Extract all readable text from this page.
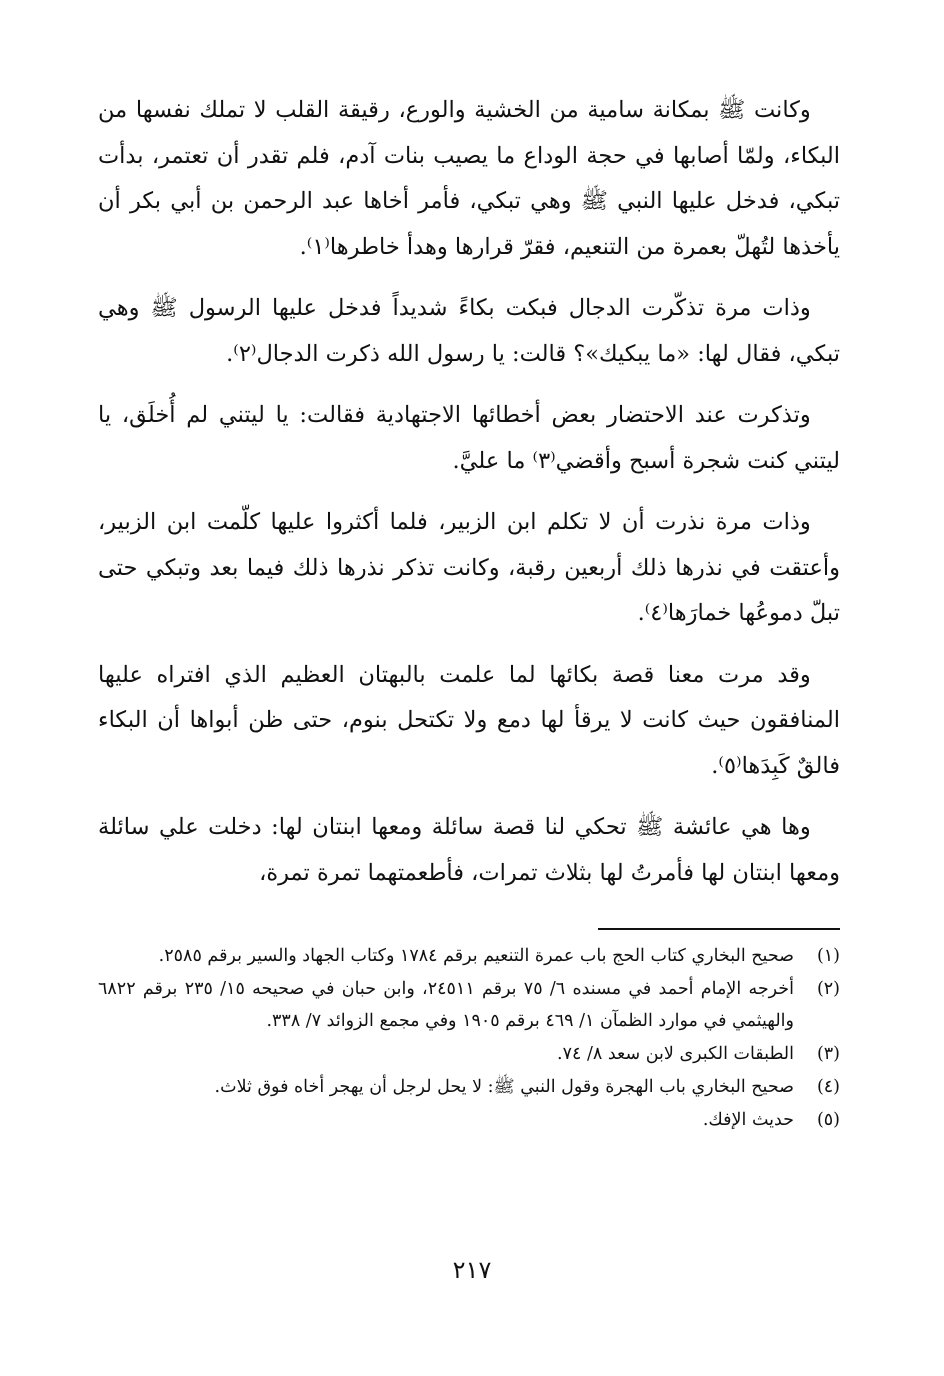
وكانت ﷺ بمكانة سامية من الخشية والورع، رقيقة القلب لا تملك نفسها من البكاء، ولمّا أصابها في حجة الوداع ما يصيب بنات آدم، فلم تقدر أن تعتمر، بدأت تبكي، فدخل عليها النبي ﷺ وهي تبكي، فأمر أخاها عبد الرحمن بن أبي بكر أن يأخذها لتُهلّ بعمرة من التنعيم، فقرّ قرارها وهدأ خاطرها⁽١⁾.

وذات مرة تذكّرت الدجال فبكت بكاءً شديداً فدخل عليها الرسول ﷺ وهي تبكي، فقال لها: «ما يبكيك»؟ قالت: يا رسول الله ذكرت الدجال⁽٢⁾.

وتذكرت عند الاحتضار بعض أخطائها الاجتهادية فقالت: يا ليتني لم أُخلَق، يا ليتني كنت شجرة أسبح وأقضي⁽٣⁾ ما عليَّ.

وذات مرة نذرت أن لا تكلم ابن الزبير، فلما أكثروا عليها كلّمت ابن الزبير، وأعتقت في نذرها ذلك أربعين رقبة، وكانت تذكر نذرها ذلك فيما بعد وتبكي حتى تبلّ دموعُها خمارَها⁽٤⁾.

وقد مرت معنا قصة بكائها لما علمت بالبهتان العظيم الذي افتراه عليها المنافقون حيث كانت لا يرقأ لها دمع ولا تكتحل بنوم، حتى ظن أبواها أن البكاء فالقٌ كَبِدَها⁽٥⁾.

وها هي عائشة ﷺ تحكي لنا قصة سائلة ومعها ابنتان لها: دخلت علي سائلة ومعها ابنتان لها فأمرتُ لها بثلاث تمرات، فأطعمتهما تمرة تمرة،

(١)
صحيح البخاري كتاب الحج باب عمرة التنعيم برقم ١٧٨٤ وكتاب الجهاد والسير برقم ٢٥٨٥.
(٢)
أخرجه الإمام أحمد في مسنده ٦/ ٧٥ برقم ٢٤٥١١، وابن حبان في صحيحه ١٥/ ٢٣٥ برقم ٦٨٢٢ والهيثمي في موارد الظمآن ١/ ٤٦٩ برقم ١٩٠٥ وفي مجمع الزوائد ٧/ ٣٣٨.
(٣)
الطبقات الكبرى لابن سعد ٨/ ٧٤.
(٤)
صحيح البخاري باب الهجرة وقول النبي ﷺ: لا يحل لرجل أن يهجر أخاه فوق ثلاث.
(٥)
حديث الإفك.
٢١٧
